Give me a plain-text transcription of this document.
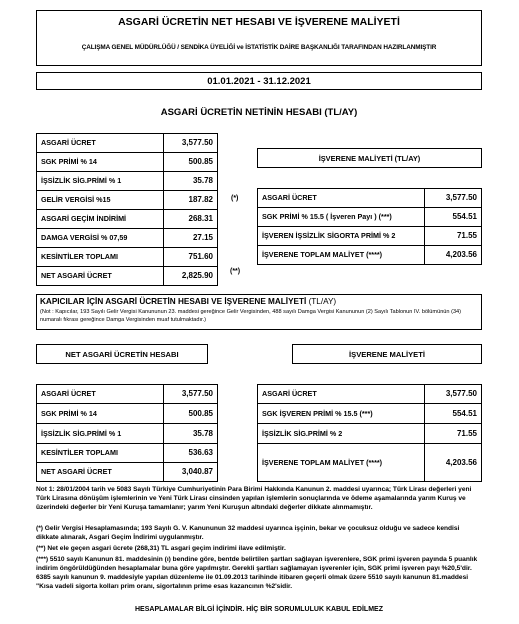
ASGARİ ÜCRETİN NET HESABI VE İŞVERENE MALİYETİ
ÇALIŞMA GENEL MÜDÜRLÜĞÜ / SENDİKA ÜYELİĞİ ve İSTATİSTİK DAİRE BAŞKANLIĞI TARAFINDAN HAZIRLANMIŞTIR
01.01.2021 - 31.12.2021
ASGARİ ÜCRETİN NETİNİN HESABI (TL/AY)
ASGARİ ÜCRET	3,577.50
SGK PRİMİ % 14	500.85
İŞSİZLİK SİG.PRİMİ % 1	35.78
GELİR VERGİSİ %15	187.82
ASGARİ GEÇİM İNDİRİMİ	268.31
DAMGA VERGİSİ % 07,59	27.15
KESİNTİLER TOPLAMI	751.60
NET ASGARİ ÜCRET	2,825.90
(*)
(**)
İŞVERENE MALİYETİ (TL/AY)
ASGARİ ÜCRET	3,577.50
SGK PRİMİ % 15.5 ( İşveren Payı ) (***)	554.51
İŞVEREN İŞSİZLİK SİGORTA PRİMİ % 2	71.55
İŞVERENE TOPLAM MALİYET (****)	4,203.56
KAPICILAR İÇİN ASGARİ ÜCRETİN HESABI VE İŞVERENE MALİYETİ (TL/AY)
(Not : Kapıcılar, 193 Sayılı Gelir Vergisi Kanununun 23. maddesi gereğince Gelir Vergisinden, 488 sayılı Damga Vergisi Kanununun (2) Sayılı Tablonun IV. bölümünün (34) numaralı fıkrası gereğince Damga Vergisinden muaf tutulmaktadır.)
NET ASGARİ ÜCRETİN HESABI	İŞVERENE MALİYETİ
ASGARİ ÜCRET	3,577.50
SGK PRİMİ % 14	500.85
İŞSİZLİK SİG.PRİMİ % 1	35.78
KESİNTİLER TOPLAMI	536.63
NET ASGARİ ÜCRET	3,040.87
ASGARİ ÜCRET	3,577.50
SGK İŞVEREN PRİMİ % 15.5 (***)	554.51
İŞSİZLİK SİG.PRİMİ % 2	71.55
İŞVERENE TOPLAM MALİYET (****)	4,203.56
Not 1: 28/01/2004 tarih ve 5083 Sayılı Türkiye Cumhuriyetinin Para Birimi Hakkında Kanunun 2. maddesi uyarınca; Türk Lirası değerleri yeni Türk Lirasına dönüşüm işlemlerinin ve Yeni Türk Lirası cinsinden yapılan işlemlerin sonuçlarında ve ödeme aşamalarında yarım Kuruş ve üzerindeki değerler bir Yeni Kuruşa tamamlanır; yarım Yeni Kuruşun altındaki değerler dikkate alınmamıştır.
(*) Gelir Vergisi Hesaplamasında; 193 Sayılı G. V. Kanununun 32 maddesi uyarınca işçinin, bekar ve çocuksuz olduğu ve sadece kendisi dikkate alınarak, Asgari Geçim İndirimi uygulanmıştır.
(**) Net ele geçen asgari ücrete (268,31) TL asgari geçim indirimi ilave edilmiştir.
(***) 5510 sayılı Kanunun 81. maddesinin (ı) bendine göre, bentde belirtilen şartları sağlayan işverenlere, SGK primi işveren payında 5 puanlık indirim öngörüldüğünden hesaplamalar buna göre yapılmıştır. Gerekli şartları sağlamayan işverenler için, SGK primi işveren payı %20,5'dir. 6385 sayılı kanunun 9. maddesiyle yapılan düzenleme ile 01.09.2013 tarihinde itibaren geçerli olmak üzere 5510 sayılı kanunun 81.maddesi "Kısa vadeli sigorta kolları prim oranı, sigortalının prime esas kazancının %2'sidir.
HESAPLAMALAR BİLGİ İÇİNDİR. HİÇ BİR SORUMLULUK KABUL EDİLMEZ
